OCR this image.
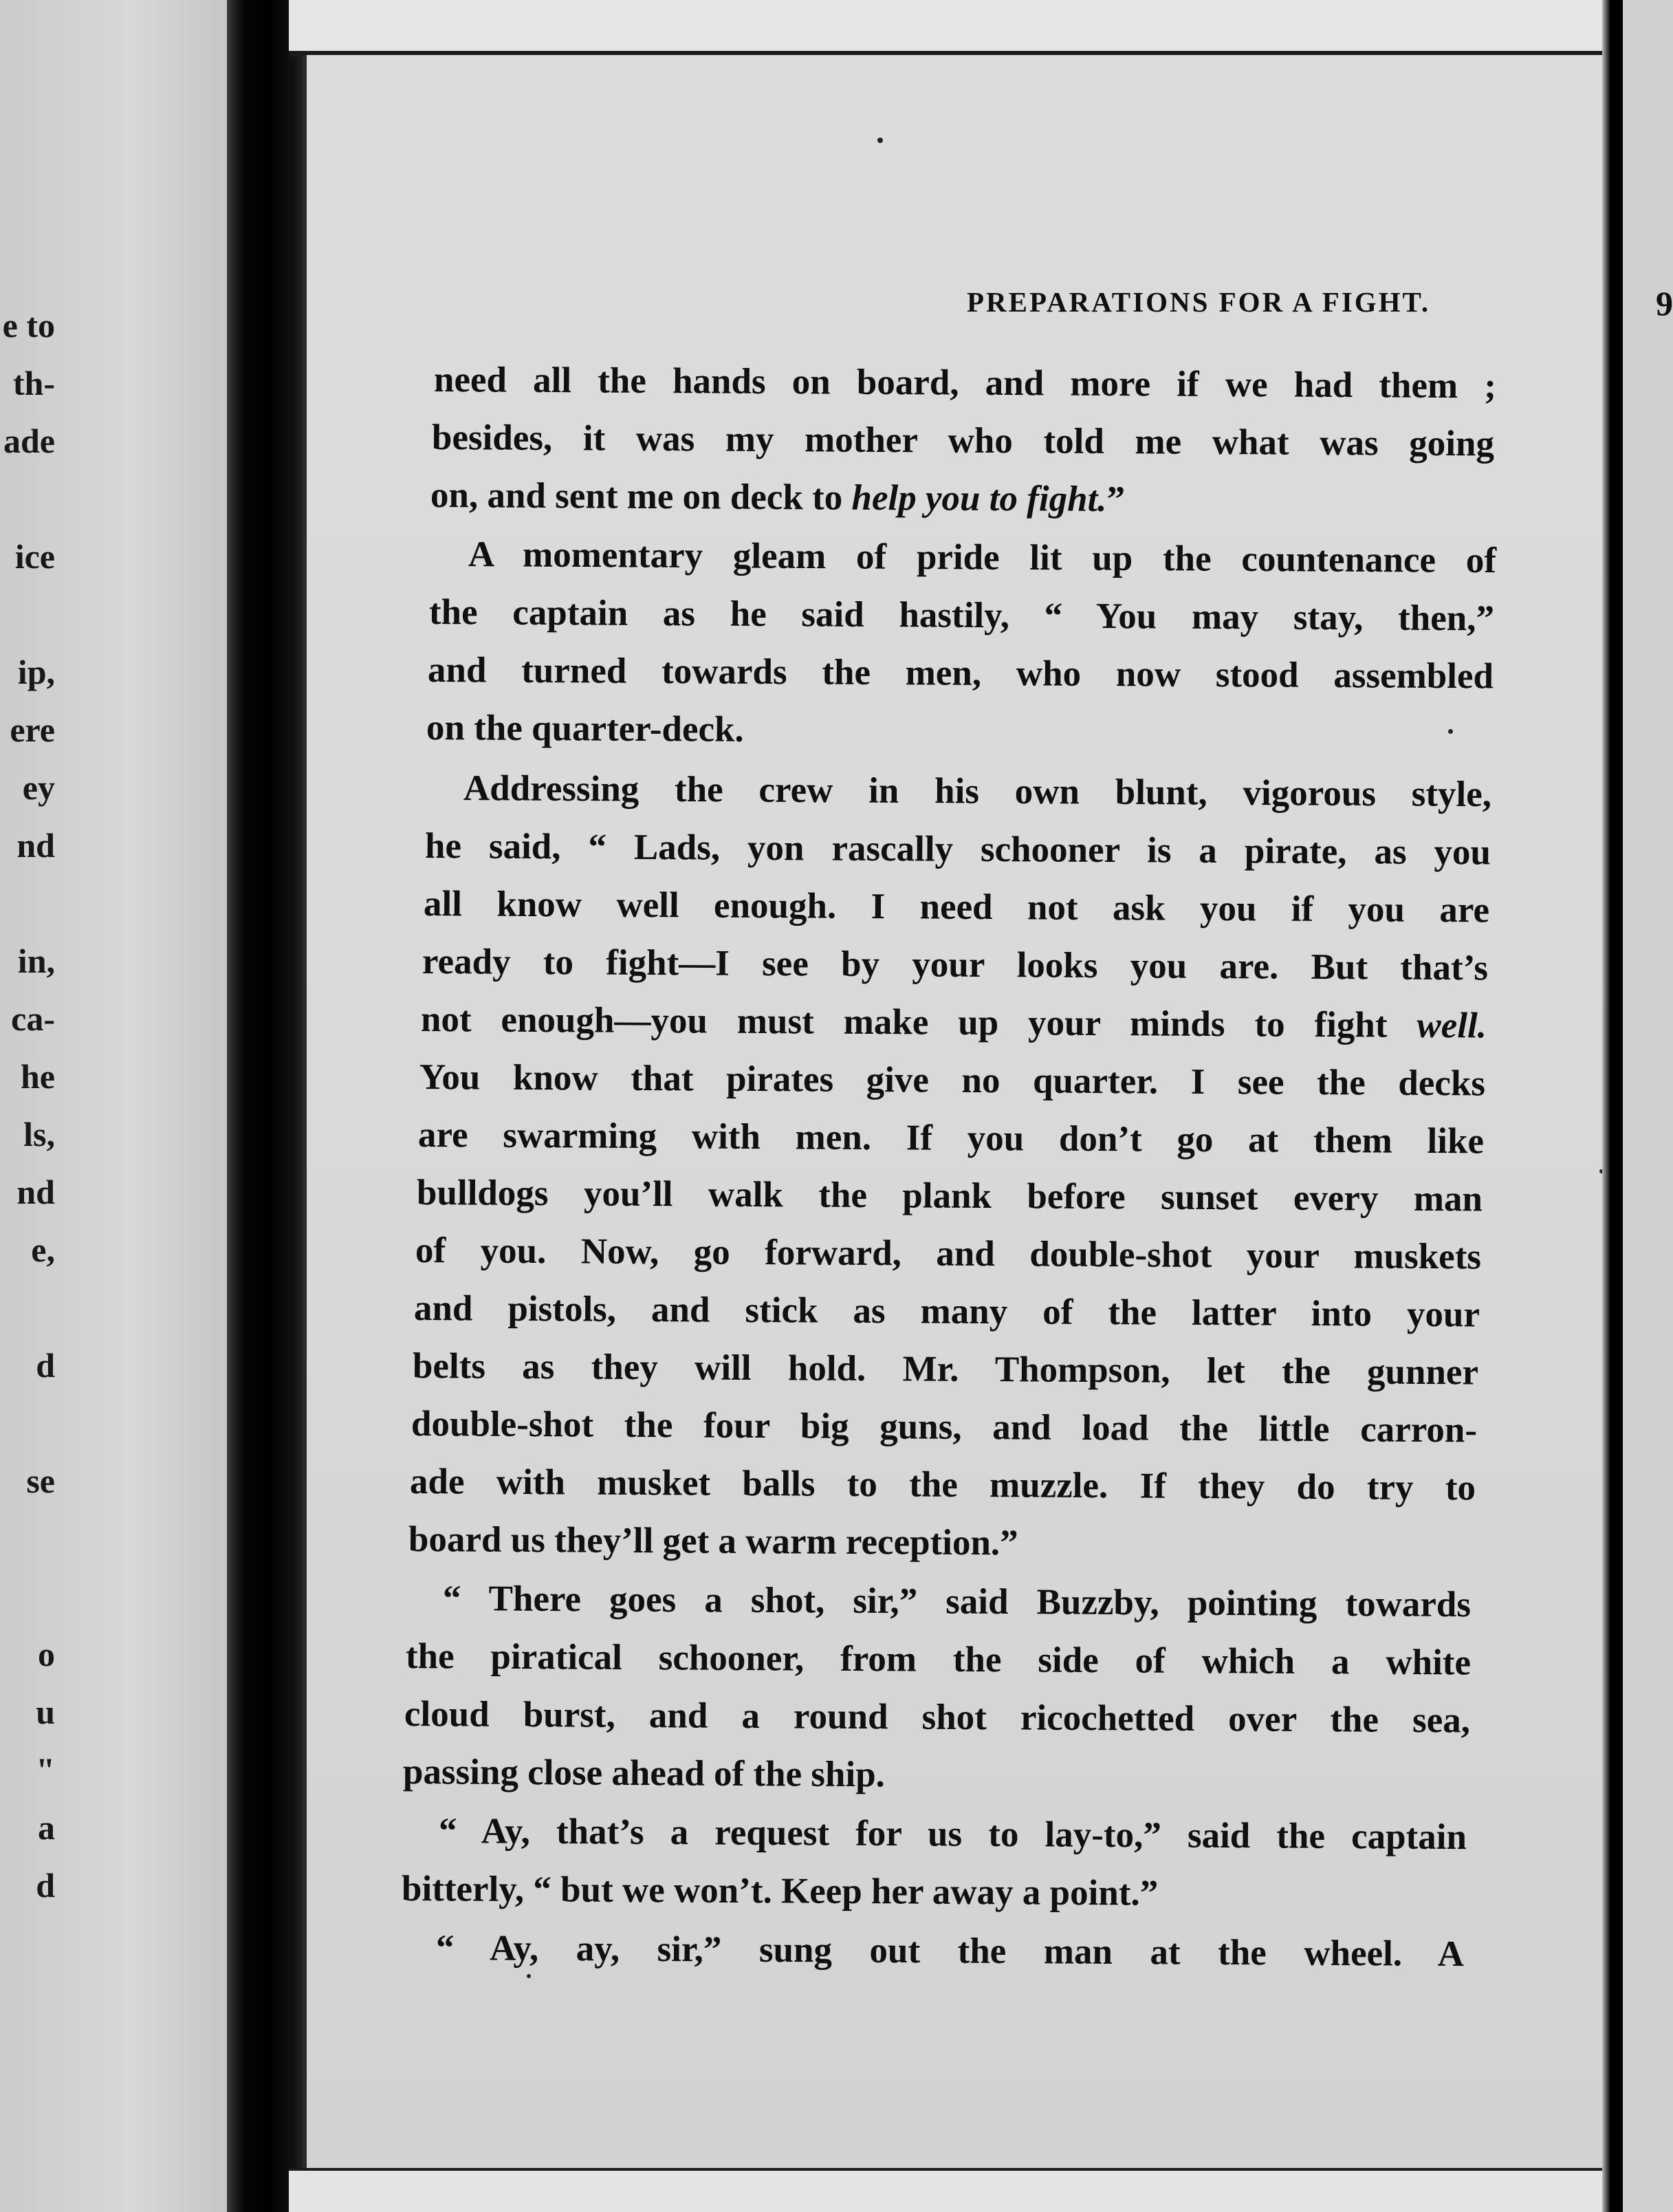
e to
th-
ade
ice
ip,
ere
ey
nd
in,
ca-
he
ls,
nd
e,
d
se
o
u
"
a
d
PREPARATIONS FOR A FIGHT.	9
need all the hands on board, and more if we had them ;
besides, it was my mother who told me what was going
on, and sent me on deck to help you to fight.”
A momentary gleam of pride lit up the countenance of
the captain as he said hastily, “ You may stay, then,”
and turned towards the men, who now stood assembled
on the quarter-deck.
Addressing the crew in his own blunt, vigorous style,
he said, “ Lads, yon rascally schooner is a pirate, as you
all know well enough. I need not ask you if you are
ready to fight—I see by your looks you are. But that’s
not enough—you must make up your minds to fight well.
You know that pirates give no quarter. I see the decks
are swarming with men. If you don’t go at them like
bulldogs you’ll walk the plank before sunset every man
of you. Now, go forward, and double-shot your muskets
and pistols, and stick as many of the latter into your
belts as they will hold. Mr. Thompson, let the gunner
double-shot the four big guns, and load the little carron-
ade with musket balls to the muzzle. If they do try to
board us they’ll get a warm reception.”
“ There goes a shot, sir,” said Buzzby, pointing towards
the piratical schooner, from the side of which a white
cloud burst, and a round shot ricochetted over the sea,
passing close ahead of the ship.
“ Ay, that’s a request for us to lay-to,” said the captain
bitterly, “ but we won’t. Keep her away a point.”
“ Ay, ay, sir,” sung out the man at the wheel. A
